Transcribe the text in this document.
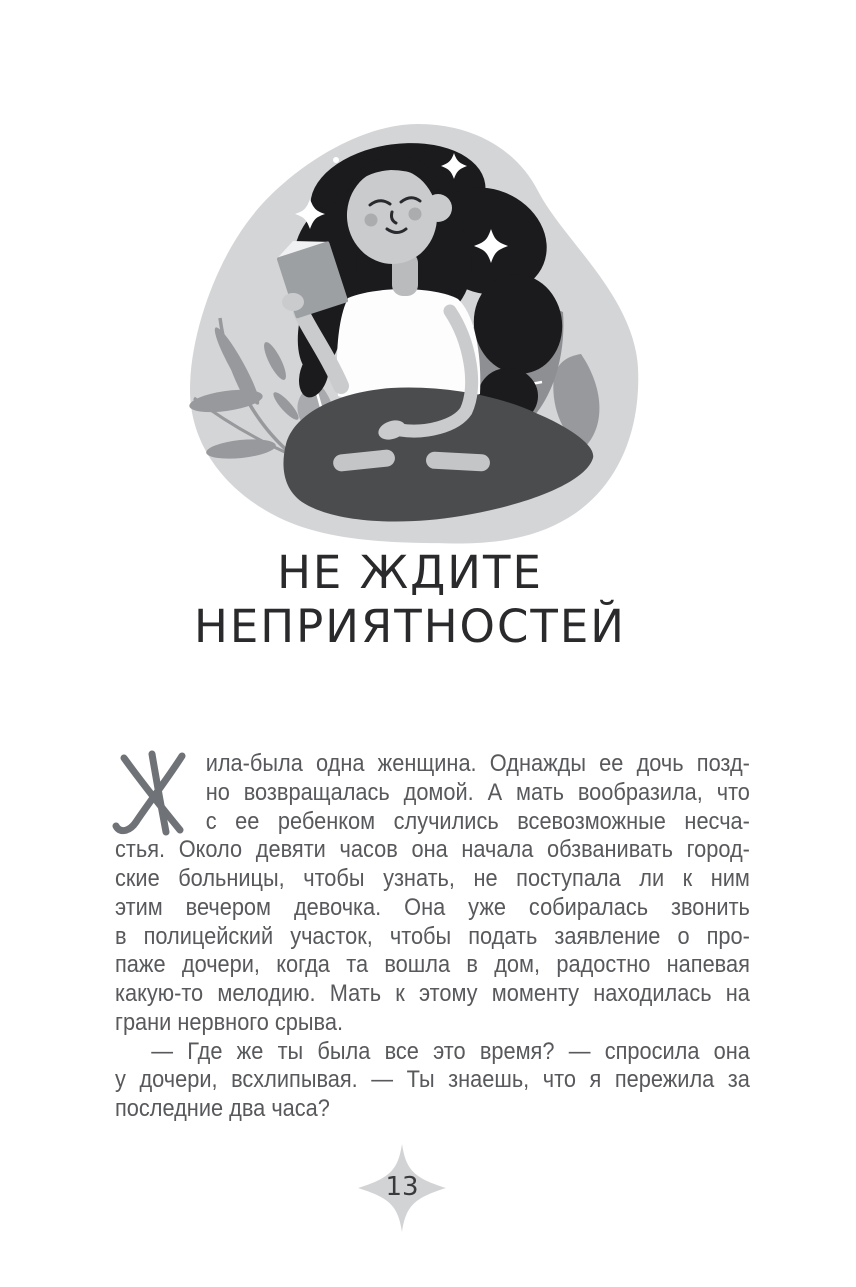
НЕ ЖДИТЕ
НЕПРИЯТНОСТЕЙ
ила-была одна женщина. Однажды ее дочь позд-
но возвращалась домой. А мать вообразила, что
с ее ребенком случились всевозможные несча-
стья. Около девяти часов она начала обзванивать город-
ские больницы, чтобы узнать, не поступала ли к ним
этим вечером девочка. Она уже собиралась звонить
в полицейский участок, чтобы подать заявление о про-
паже дочери, когда та вошла в дом, радостно напевая
какую-то мелодию. Мать к этому моменту находилась на
грани нервного срыва.
— Где же ты была все это время? — спросила она
у дочери, всхлипывая. — Ты знаешь, что я пережила за
последние два часа?
13
